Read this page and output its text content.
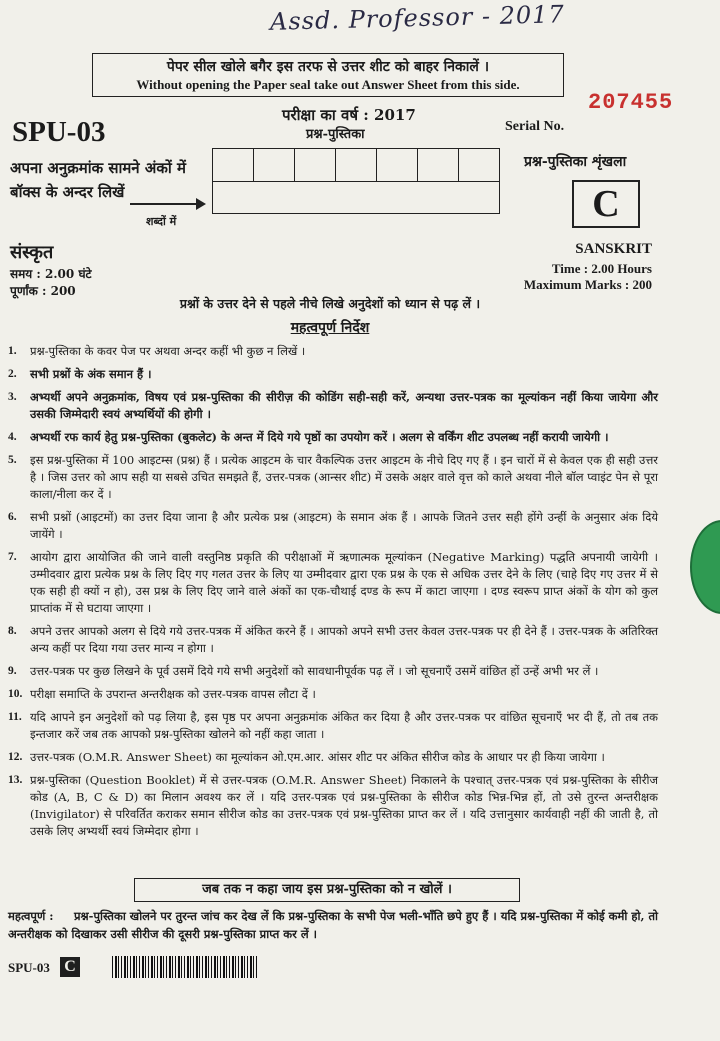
Assd. Professor - 2017
पेपर सील खोले बगैर इस तरफ से उत्तर शीट को बाहर निकालें ।
Without opening the Paper seal take out Answer Sheet from this side.
207455
SPU-03
परीक्षा का वर्ष : 2017
प्रश्न-पुस्तिका
Serial No.
अपना अनुक्रमांक सामने अंकों में बॉक्स के अन्दर लिखें

शब्दों में
प्रश्न-पुस्तिका शृंखला
C
संस्कृत
समय : 2.00 घंटे
पूर्णांक : 200
SANSKRIT
Time : 2.00 Hours
Maximum Marks : 200
प्रश्नों के उत्तर देने से पहले नीचे लिखे अनुदेशों को ध्यान से पढ़ लें ।
महत्वपूर्ण निर्देश
1.	प्रश्न-पुस्तिका के कवर पेज पर अथवा अन्दर कहीं भी कुछ न लिखें ।
2.	सभी प्रश्नों के अंक समान हैं ।
3.	अभ्यर्थी अपने अनुक्रमांक, विषय एवं प्रश्न-पुस्तिका की सीरीज़ की कोडिंग सही-सही करें, अन्यथा उत्तर-पत्रक का मूल्यांकन नहीं किया जायेगा और उसकी जिम्मेदारी स्वयं अभ्यर्थियों की होगी ।
4.	अभ्यर्थी रफ कार्य हेतु प्रश्न-पुस्तिका (बुकलेट) के अन्त में दिये गये पृष्ठों का उपयोग करें । अलग से वर्किंग शीट उपलब्ध नहीं करायी जायेगी ।
5.	इस प्रश्न-पुस्तिका में 100 आइटम्स (प्रश्न) हैं । प्रत्येक आइटम के चार वैकल्पिक उत्तर आइटम के नीचे दिए गए हैं । इन चारों में से केवल एक ही सही उत्तर है । जिस उत्तर को आप सही या सबसे उचित समझते हैं, उत्तर-पत्रक (आन्सर शीट) में उसके अक्षर वाले वृत्त को काले अथवा नीले बॉल प्वाइंट पेन से पूरा काला/नीला कर दें ।
6.	सभी प्रश्नों (आइटमों) का उत्तर दिया जाना है और प्रत्येक प्रश्न (आइटम) के समान अंक हैं । आपके जितने उत्तर सही होंगे उन्हीं के अनुसार अंक दिये जायेंगे ।
7.	आयोग द्वारा आयोजित की जाने वाली वस्तुनिष्ठ प्रकृति की परीक्षाओं में ऋणात्मक मूल्यांकन (Negative Marking) पद्धति अपनायी जायेगी । उम्मीदवार द्वारा प्रत्येक प्रश्न के लिए दिए गए गलत उत्तर के लिए या उम्मीदवार द्वारा एक प्रश्न के एक से अधिक उत्तर देने के लिए (चाहे दिए गए उत्तर में से एक सही ही क्यों न हो), उस प्रश्न के लिए दिए जाने वाले अंकों का एक-चौथाई दण्ड के रूप में काटा जाएगा । दण्ड स्वरूप प्राप्त अंकों के योग को कुल प्राप्तांक में से घटाया जाएगा ।
8.	अपने उत्तर आपको अलग से दिये गये उत्तर-पत्रक में अंकित करने हैं । आपको अपने सभी उत्तर केवल उत्तर-पत्रक पर ही देने हैं । उत्तर-पत्रक के अतिरिक्त अन्य कहीं पर दिया गया उत्तर मान्य न होगा ।
9.	उत्तर-पत्रक पर कुछ लिखने के पूर्व उसमें दिये गये सभी अनुदेशों को सावधानीपूर्वक पढ़ लें । जो सूचनाएँ उसमें वांछित हों उन्हें अभी भर लें ।
10. परीक्षा समाप्ति के उपरान्त अन्तरीक्षक को उत्तर-पत्रक वापस लौटा दें ।
11. यदि आपने इन अनुदेशों को पढ़ लिया है, इस पृष्ठ पर अपना अनुक्रमांक अंकित कर दिया है और उत्तर-पत्रक पर वांछित सूचनाएँ भर दी हैं, तो तब तक इन्तजार करें जब तक आपको प्रश्न-पुस्तिका खोलने को नहीं कहा जाता ।
12. उत्तर-पत्रक (O.M.R. Answer Sheet) का मूल्यांकन ओ.एम.आर. आंसर शीट पर अंकित सीरीज कोड के आधार पर ही किया जायेगा ।
13. प्रश्न-पुस्तिका (Question Booklet) में से उत्तर-पत्रक (O.M.R. Answer Sheet) निकालने के पश्चात् उत्तर-पत्रक एवं प्रश्न-पुस्तिका के सीरीज कोड (A, B, C & D) का मिलान अवश्य कर लें । यदि उत्तर-पत्रक एवं प्रश्न-पुस्तिका के सीरीज कोड भिन्न-भिन्न हों, तो उसे तुरन्त अन्तरीक्षक (Invigilator) से परिवर्तित कराकर समान सीरीज कोड का उत्तर-पत्रक एवं प्रश्न-पुस्तिका प्राप्त कर लें । यदि उत्तानुसार कार्यवाही नहीं की जाती है, तो उसके लिए अभ्यर्थी स्वयं जिम्मेदार होगा ।
जब तक न कहा जाय इस प्रश्न-पुस्तिका को न खोलें ।
महत्वपूर्ण : प्रश्न-पुस्तिका खोलने पर तुरन्त जांच कर देख लें कि प्रश्न-पुस्तिका के सभी पेज भली-भाँति छपे हुए हैं । यदि प्रश्न-पुस्तिका में कोई कमी हो, तो अन्तरीक्षक को दिखाकर उसी सीरीज की दूसरी प्रश्न-पुस्तिका प्राप्त कर लें ।
SPU-03 C
